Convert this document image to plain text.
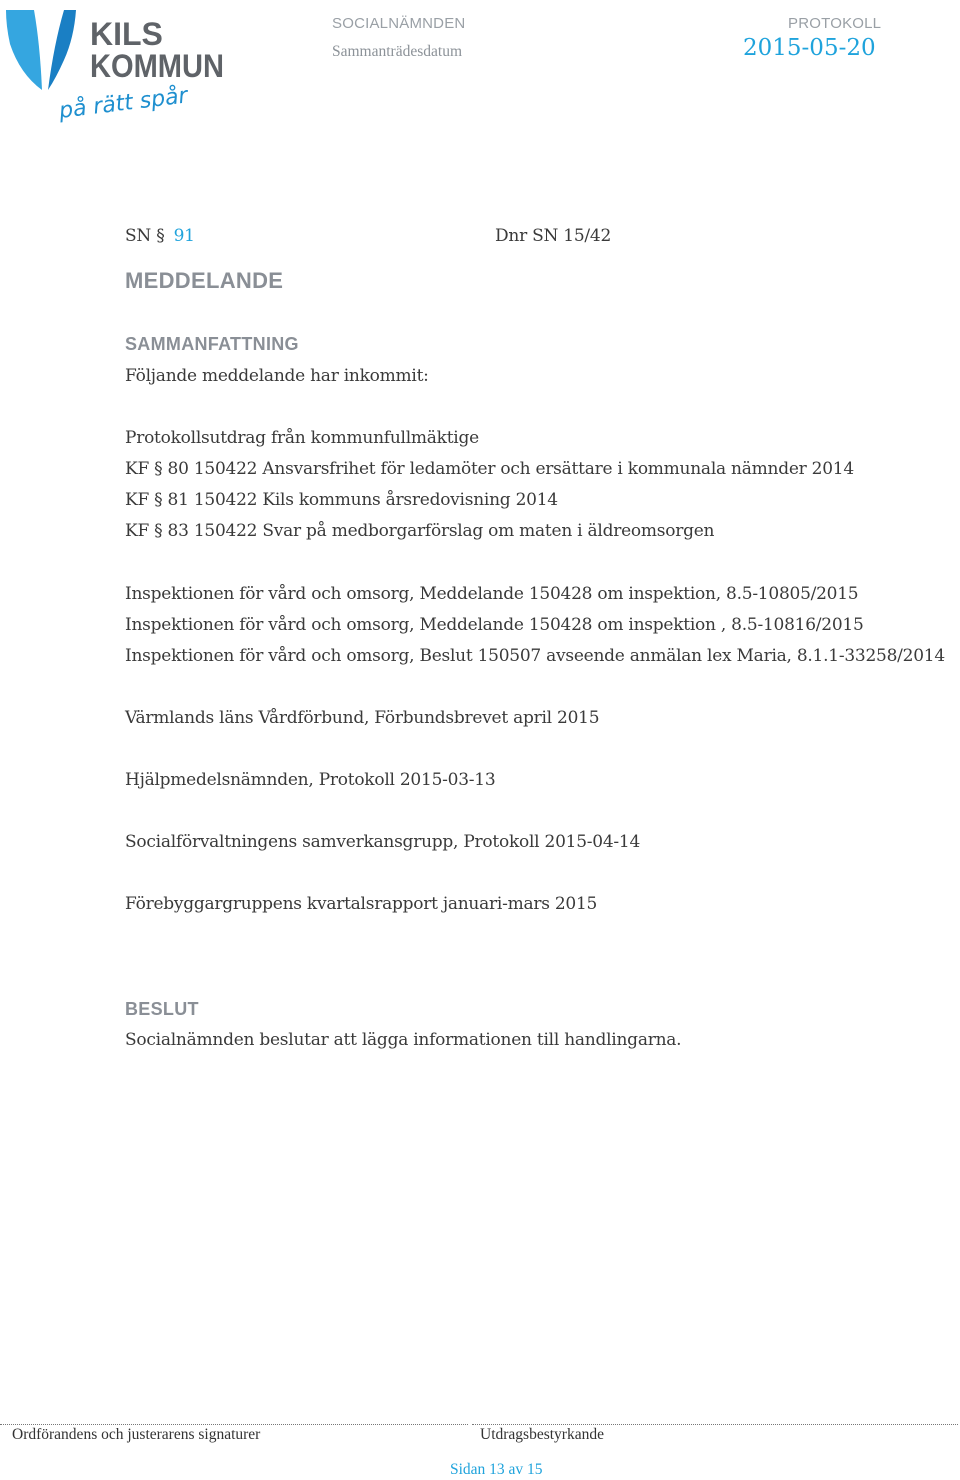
KILS
KOMMUN
på rätt spår
SOCIALNÄMNDEN
Sammanträdesdatum
PROTOKOLL
2015-05-20
SN § 91	Dnr SN 15/42
MEDDELANDE
SAMMANFATTNING
Följande meddelande har inkommit:
Protokollsutdrag från kommunfullmäktige
KF § 80 150422 Ansvarsfrihet för ledamöter och ersättare i kommunala nämnder 2014
KF § 81 150422 Kils kommuns årsredovisning 2014
KF § 83 150422 Svar på medborgarförslag om maten i äldreomsorgen
Inspektionen för vård och omsorg, Meddelande 150428 om inspektion, 8.5-10805/2015
Inspektionen för vård och omsorg, Meddelande 150428 om inspektion , 8.5-10816/2015
Inspektionen för vård och omsorg, Beslut 150507 avseende anmälan lex Maria, 8.1.1-33258/2014
Värmlands läns Vårdförbund, Förbundsbrevet april 2015
Hjälpmedelsnämnden, Protokoll 2015-03-13
Socialförvaltningens samverkansgrupp, Protokoll 2015-04-14
Förebyggargruppens kvartalsrapport januari-mars 2015
BESLUT
Socialnämnden beslutar att lägga informationen till handlingarna.
Ordförandens och justerarens signaturer	Utdragsbestyrkande
Sidan 13 av 15
